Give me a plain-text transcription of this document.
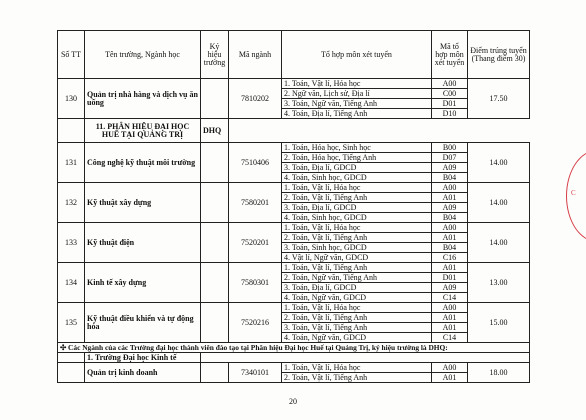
Số TT	Tên trường, Ngành học	Ký hiệu trường	Mã ngành	Tổ hợp môn xét tuyển	Mã tổ hợp môn xét tuyển	Điểm trúng tuyển (Thang điểm 30)
130	Quản trị nhà hàng và dịch vụ ăn uống		7810202	1. Toán, Vật lí, Hóa học	A00	17.50
				2. Ngữ văn, Lịch sử, Địa lí	C00	
				3. Toán, Ngữ văn, Tiếng Anh	D01	
				4. Toán, Địa lí, Tiếng Anh	D10	
	11. PHÂN HIỆU ĐẠI HỌC HUẾ TẠI QUẢNG TRỊ	DHQ				
131	Công nghệ kỹ thuật môi trường		7510406	1. Toán, Hóa học, Sinh học	B00	14.00
				2. Toán, Hóa học, Tiếng Anh	D07	
				3. Toán, Địa lí, GDCD	A09	
				4. Toán, Sinh học, GDCD	B04	
132	Kỹ thuật xây dựng		7580201	1. Toán, Vật lí, Hóa học	A00	14.00
				2. Toán, Vật lí, Tiếng Anh	A01	
				3. Toán, Địa lí, GDCD	A09	
				4. Toán, Sinh học, GDCD	B04	
133	Kỹ thuật điện		7520201	1. Toán, Vật lí, Hóa học	A00	14.00
				2. Toán, Vật lí, Tiếng Anh	A01	
				3. Toán, Sinh học, GDCD	B04	
				4. Vật lí, Ngữ văn, GDCD	C16	
134	Kinh tế xây dựng		7580301	1. Toán, Vật lí, Tiếng Anh	A01	13.00
				2. Toán, Ngữ văn, Tiếng Anh	D01	
				3. Toán, Địa lí, GDCD	A09	
				4. Toán, Ngữ văn, GDCD	C14	
135	Kỹ thuật điều khiển và tự động hóa		7520216	1. Toán, Vật lí, Hóa học	A00	15.00
				2. Toán, Vật lí, Tiếng Anh	A01	
				3. Toán, Vật lí, Tiếng Anh	A01	
				4. Toán, Ngữ văn, GDCD	C14	
✣ Các Ngành của các Trường đại học thành viên đào tạo tại Phân hiệu Đại học Huế tại Quảng Trị, ký hiệu trường là DHQ:						
	1. Trường Đại học Kinh tế					
	Quản trị kinh doanh		7340101	1. Toán, Vật lí, Hóa học	A00	18.00
				2. Toán, Vật lí, Tiếng Anh	A01	
20
C
